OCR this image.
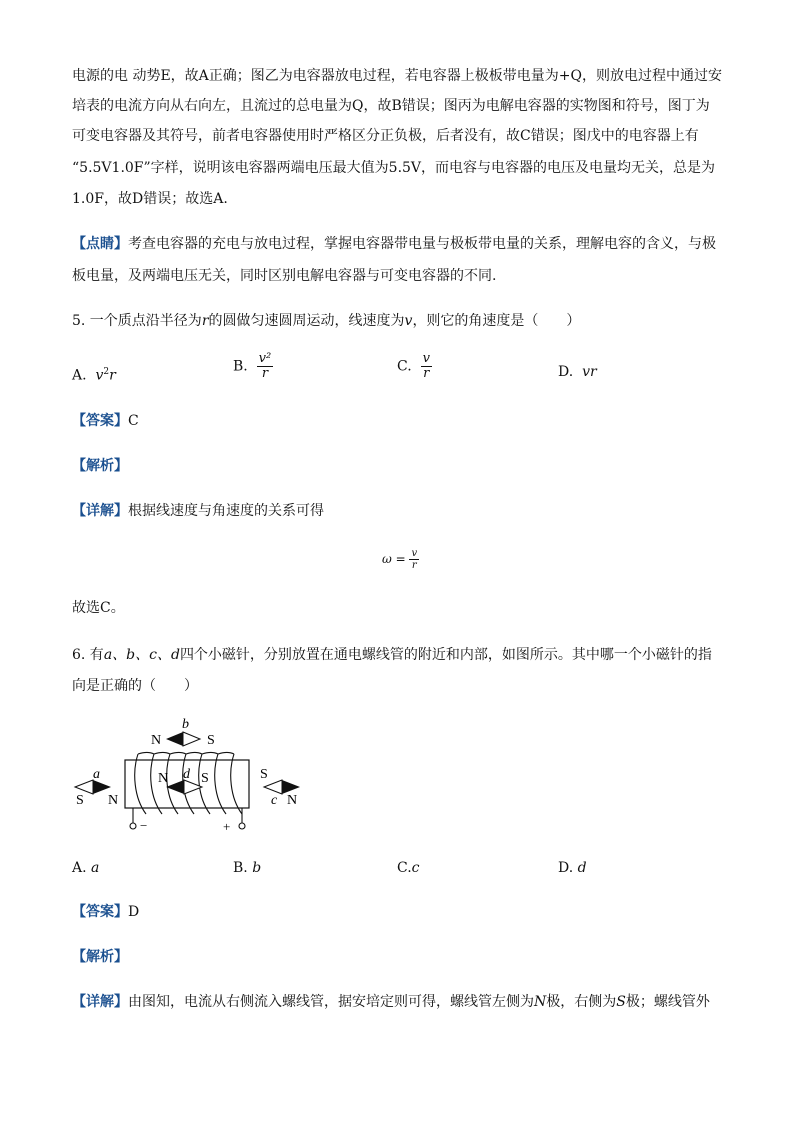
电源的电 动势E，故A正确；图乙为电容器放电过程，若电容器上极板带电量为+Q，则放电过程中通过安
培表的电流方向从右向左，且流过的总电量为Q，故B错误；图丙为电解电容器的实物图和符号，图丁为
可变电容器及其符号，前者电容器使用时严格区分正负极，后者没有，故C错误；图戊中的电容器上有
“5.5V1.0F”字样，说明该电容器两端电压最大值为5.5V，而电容与电容器的电压及电量均无关，总是为
1.0F，故D错误；故选A.
【点睛】考查电容器的充电与放电过程，掌握电容器带电量与极板带电量的关系，理解电容的含义，与极
板电量，及两端电压无关，同时区别电解电容器与可变电容器的不同.
5. 一个质点沿半径为r的圆做匀速圆周运动，线速度为v，则它的角速度是（　　）
A. $v^2r$
B. $\frac{\text{v²}}{r}$	C. $\frac{v}{r}$	D. vr
【答案】C
【解析】
【详解】根据线速度与角速度的关系可得
$\omega = \frac{v}{r}$
故选C。
6. 有a、b、c、d四个小磁针，分别放置在通电螺线管的附近和内部，如图所示。其中哪一个小磁针的指
向是正确的（　　）
−	+
b
N	S
a
S N
d
N S	S
c N
A. a	B. b	C.c	D. d
【答案】D
【解析】
【详解】由图知，电流从右侧流入螺线管，据安培定则可得，螺线管左侧为N极，右侧为S极；螺线管外
